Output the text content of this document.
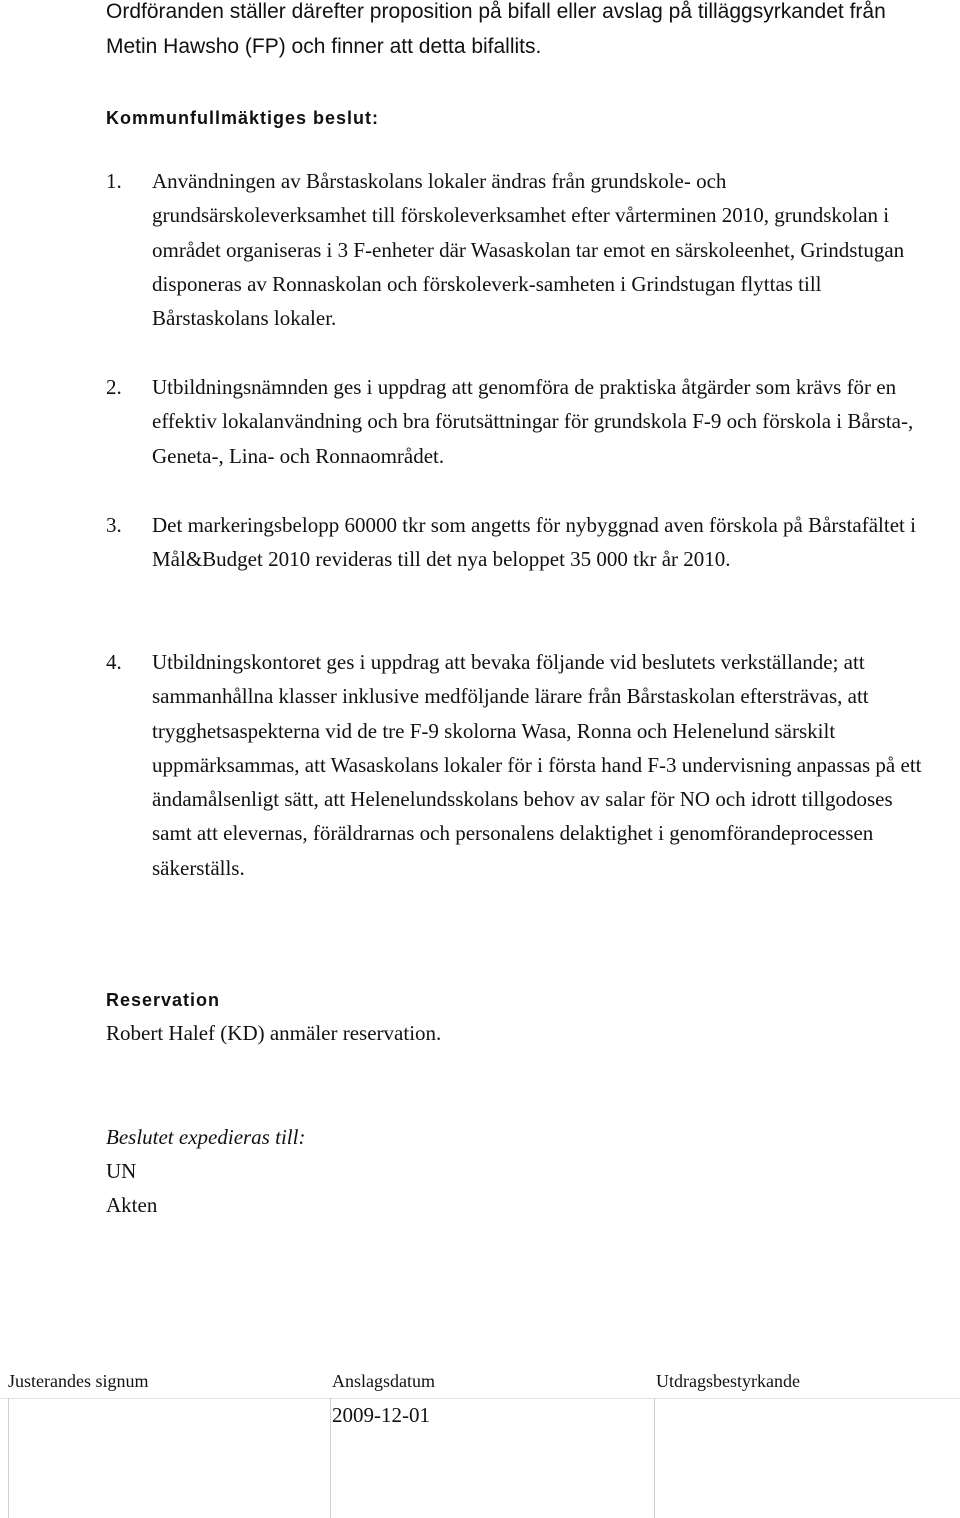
Ordföranden ställer därefter proposition på bifall eller avslag på tilläggsyrkandet från Metin Hawsho (FP) och finner att detta bifallits.

Kommunfullmäktiges beslut:

1. Användningen av Bårstaskolans lokaler ändras från grundskole- och grundsärskoleverksamhet till förskoleverksamhet efter vårterminen 2010, grundskolan i området organiseras i 3 F-enheter där Wasaskolan tar emot en särskoleenhet, Grindstugan disponeras av Ronnaskolan och förskoleverk-samheten i Grindstugan flyttas till Bårstaskolans lokaler.
2. Utbildningsnämnden ges i uppdrag att genomföra de praktiska åtgärder som krävs för en effektiv lokalanvändning och bra förutsättningar för grundskola F-9 och förskola i Bårsta-, Geneta-, Lina- och Ronnaområdet.
3. Det markeringsbelopp 60000 tkr som angetts för nybyggnad aven förskola på Bårstafältet i Mål&Budget 2010 revideras till det nya beloppet 35 000 tkr år 2010.
4. Utbildningskontoret ges i uppdrag att bevaka följande vid beslutets verkställande; att sammanhållna klasser inklusive medföljande lärare från Bårstaskolan eftersträvas, att trygghetsaspekterna vid de tre F-9 skolorna Wasa, Ronna och Helenelund särskilt uppmärksammas, att Wasaskolans lokaler för i första hand F-3 undervisning anpassas på ett ändamålsenligt sätt, att Helenelundsskolans behov av salar för NO och idrott tillgodoses samt att elevernas, föräldrarnas och personalens delaktighet i genomförandeprocessen säkerställs.

Reservation

Robert Halef (KD) anmäler reservation.

Beslutet expedieras till:

UN

Akten

Justerandes signum	Anslagsdatum	Utdragsbestyrkande
2009-12-01
